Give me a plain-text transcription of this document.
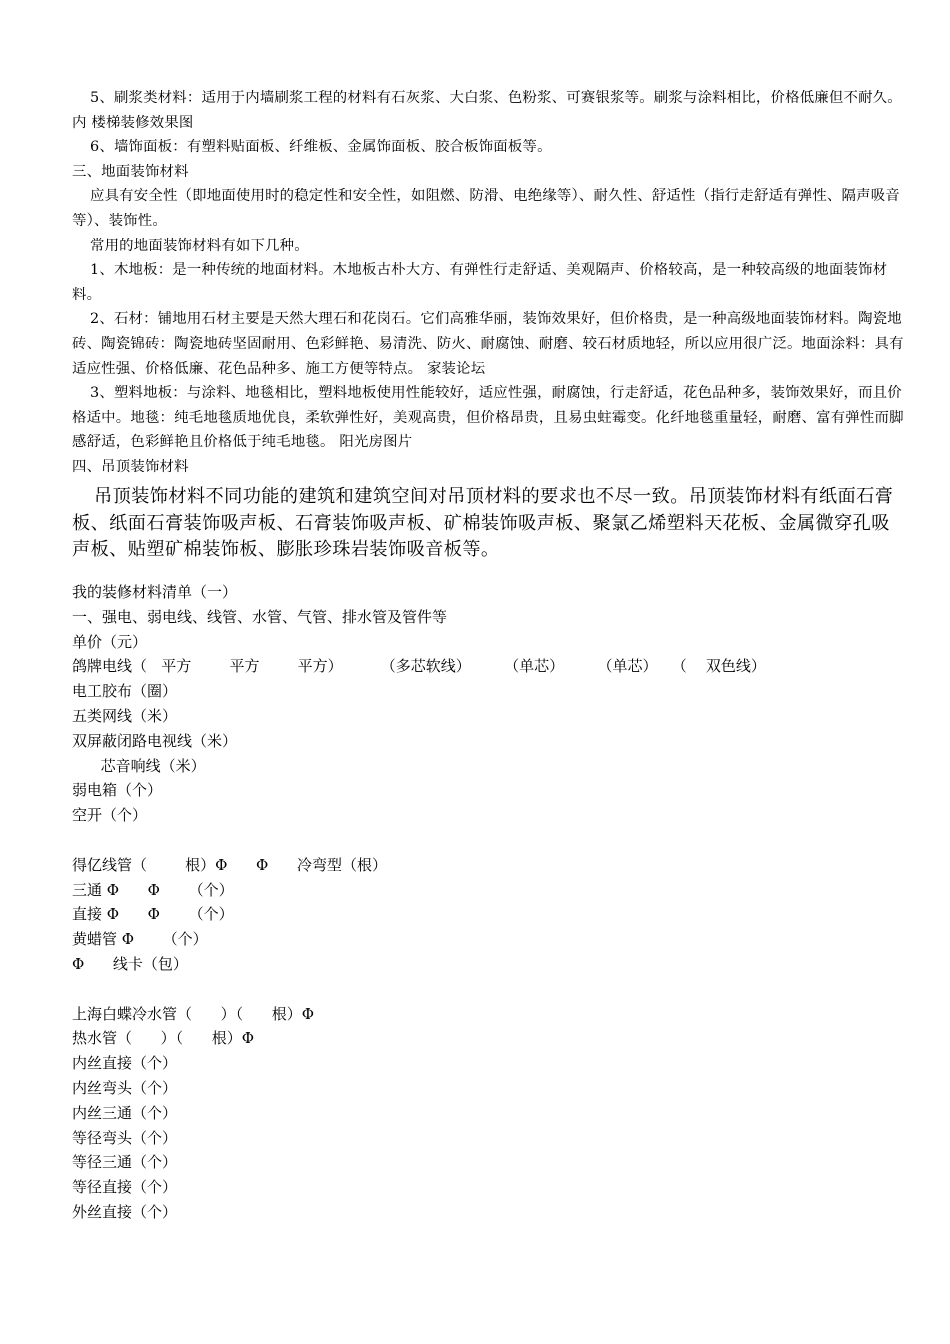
5、刷浆类材料：适用于内墙刷浆工程的材料有石灰浆、大白浆、色粉浆、可赛银浆等。刷浆与涂料相比，价格低廉但不耐久。内 楼梯装修效果图

6、墙饰面板：有塑料贴面板、纤维板、金属饰面板、胶合板饰面板等。

三、地面装饰材料

应具有安全性（即地面使用时的稳定性和安全性，如阻燃、防滑、电绝缘等）、耐久性、舒适性（指行走舒适有弹性、隔声吸音等）、装饰性。

常用的地面装饰材料有如下几种。

1、木地板：是一种传统的地面材料。木地板古朴大方、有弹性行走舒适、美观隔声、价格较高，是一种较高级的地面装饰材料。

2、石材：铺地用石材主要是天然大理石和花岗石。它们高雅华丽，装饰效果好，但价格贵，是一种高级地面装饰材料。陶瓷地砖、陶瓷锦砖：陶瓷地砖坚固耐用、色彩鲜艳、易清洗、防火、耐腐蚀、耐磨、较石材质地轻，所以应用很广泛。地面涂料：具有适应性强、价格低廉、花色品种多、施工方便等特点。 家装论坛

3、塑料地板：与涂料、地毯相比，塑料地板使用性能较好，适应性强，耐腐蚀，行走舒适，花色品种多，装饰效果好，而且价格适中。地毯：纯毛地毯质地优良，柔软弹性好，美观高贵，但价格昂贵，且易虫蛀霉变。化纤地毯重量轻，耐磨、富有弹性而脚感舒适，色彩鲜艳且价格低于纯毛地毯。 阳光房图片

四、吊顶装饰材料

吊顶装饰材料不同功能的建筑和建筑空间对吊顶材料的要求也不尽一致。吊顶装饰材料有纸面石膏板、纸面石膏装饰吸声板、石膏装饰吸声板、矿棉装饰吸声板、聚氯乙烯塑料天花板、金属微穿孔吸声板、贴塑矿棉装饰板、膨胀珍珠岩装饰吸音板等。

我的装修材料清单（一）

一、强电、弱电线、线管、水管、气管、排水管及管件等

单价（元）

鸽牌电线（   平方        平方        平方）        （多芯软线）       （单芯）       （单芯）   （    双色线）

电工胶布（圈）

五类网线（米）

双屏蔽闭路电视线（米）

芯音响线（米）

弱电箱（个）

空开（个）

得亿线管（        根）Φ      Φ      冷弯型（根）

三通 Φ      Φ      （个）

直接 Φ      Φ      （个）

黄蜡管 Φ      （个）

Φ      线卡（包）

上海白蝶冷水管（      ）（      根）Φ

热水管（      ）（      根）Φ

内丝直接（个）

内丝弯头（个）

内丝三通（个）

等径弯头（个）

等径三通（个）

等径直接（个）

外丝直接（个）
